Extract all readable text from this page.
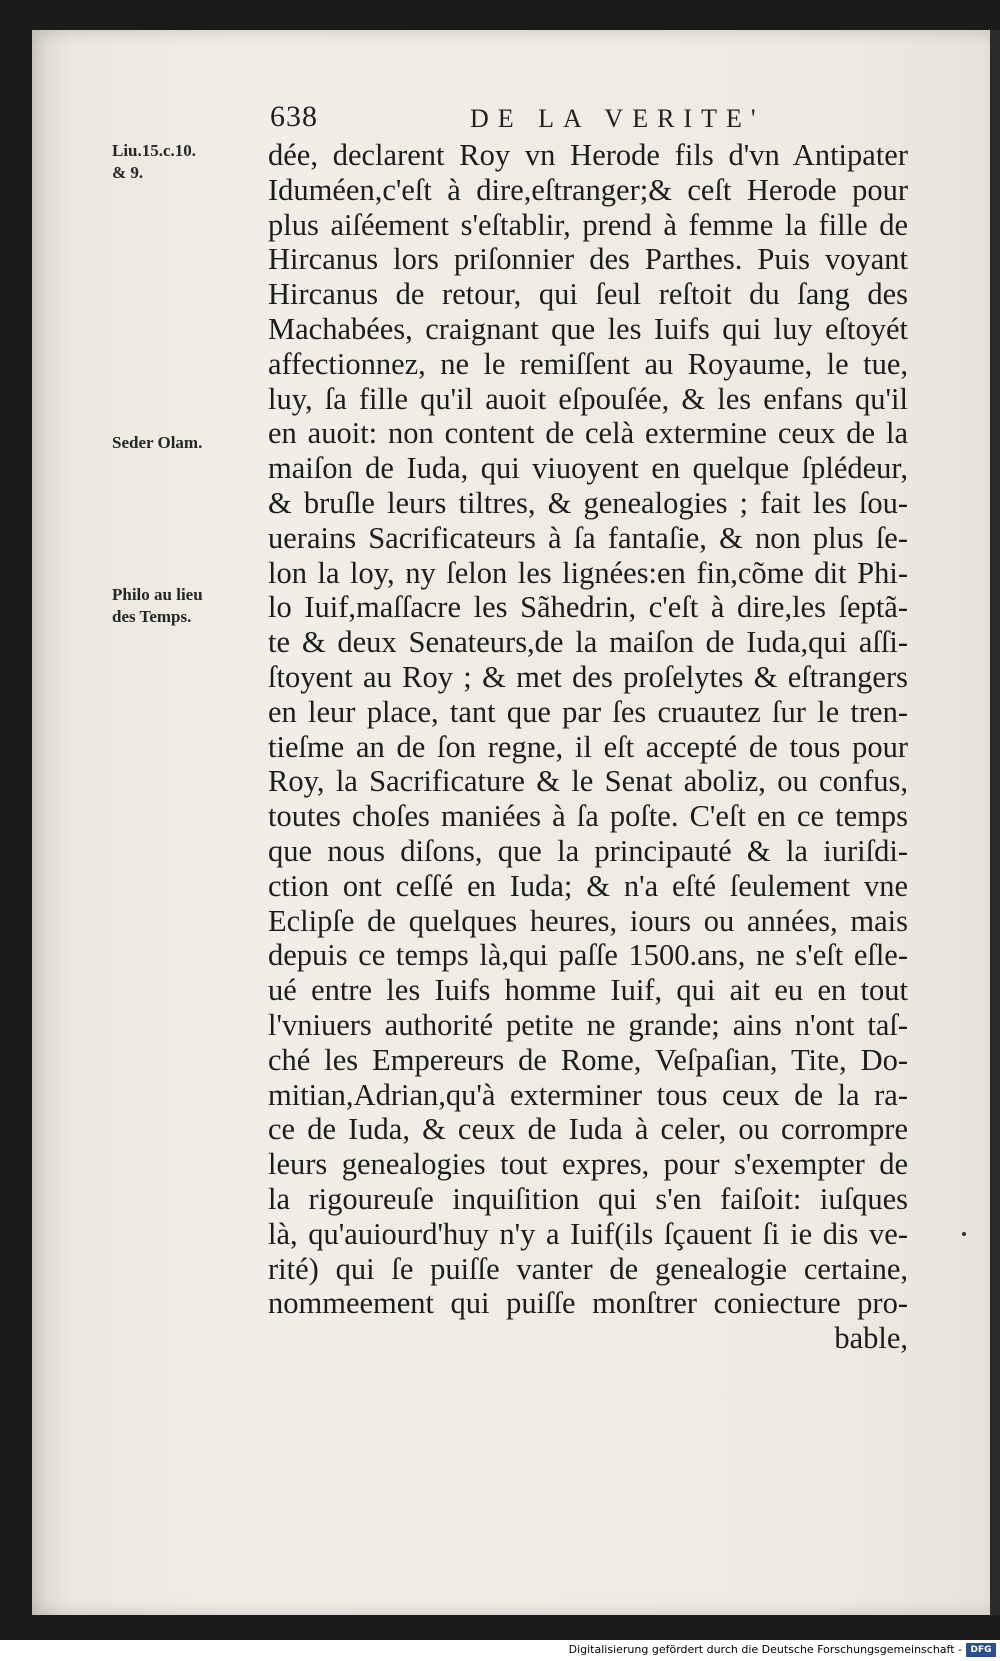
638	DE LA VERITE'
Liu.15.c.10.
& 9.
Seder Olam.
Philo au lieu
des Temps.
dée, declarent Roy vn Herode fils d'vn Antipater
Iduméen,c'eſt à dire,eſtranger;& ceſt Herode pour
plus aiſéement s'eſtablir, prend à femme la fille de
Hircanus lors priſonnier des Parthes. Puis voyant
Hircanus de retour, qui ſeul reſtoit du ſang des
Machabées, craignant que les Iuifs qui luy eſtoyét
affectionnez, ne le remiſſent au Royaume, le tue,
luy, ſa fille qu'il auoit eſpouſée, & les enfans qu'il
en auoit: non content de celà extermine ceux de la
maiſon de Iuda, qui viuoyent en quelque ſplédeur,
& bruſle leurs tiltres, & genealogies ; fait les ſou-
uerains Sacrificateurs à ſa fantaſie, & non plus ſe-
lon la loy, ny ſelon les lignées:en fin,cõme dit Phi-
lo Iuif,maſſacre les Sãhedrin, c'eſt à dire,les ſeptã-
te & deux Senateurs,de la maiſon de Iuda,qui aſſi-
ſtoyent au Roy ; & met des proſelytes & eſtrangers
en leur place, tant que par ſes cruautez ſur le tren-
tieſme an de ſon regne, il eſt accepté de tous pour
Roy, la Sacrificature & le Senat aboliz, ou confus,
toutes choſes maniées à ſa poſte. C'eſt en ce temps
que nous diſons, que la principauté & la iuriſdi-
ction ont ceſſé en Iuda; & n'a eſté ſeulement vne
Eclipſe de quelques heures, iours ou années, mais
depuis ce temps là,qui paſſe 1500.ans, ne s'eſt eſle-
ué entre les Iuifs homme Iuif, qui ait eu en tout
l'vniuers authorité petite ne grande; ains n'ont taſ-
ché les Empereurs de Rome, Veſpaſian, Tite, Do-
mitian,Adrian,qu'à exterminer tous ceux de la ra-
ce de Iuda, & ceux de Iuda à celer, ou corrompre
leurs genealogies tout expres, pour s'exempter de
la rigoureuſe inquiſition qui s'en faiſoit: iuſques
là, qu'auiourd'huy n'y a Iuif(ils ſçauent ſi ie dis ve-
rité) qui ſe puiſſe vanter de genealogie certaine,
nommeement qui puiſſe monſtrer coniecture pro-
bable,
Digitalisierung gefördert durch die Deutsche Forschungsgemeinschaft - DFG
